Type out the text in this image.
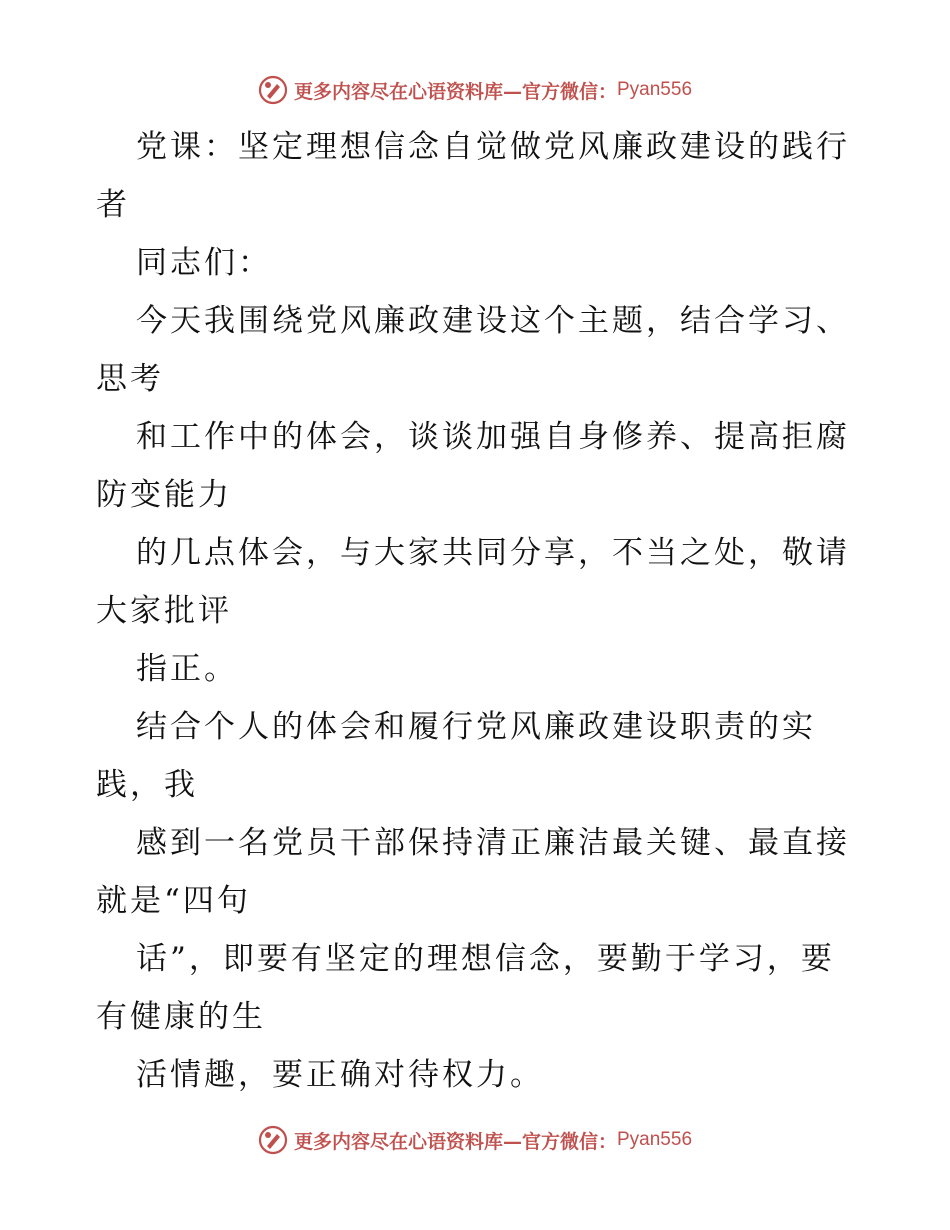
更多内容尽在心语资料库—官方微信： Pyan556
党课：坚定理想信念自觉做党风廉政建设的践行
者
同志们：
今天我围绕党风廉政建设这个主题，结合学习、
思考
和工作中的体会，谈谈加强自身修养、提高拒腐
防变能力
的几点体会，与大家共同分享，不当之处，敬请
大家批评
指正。
结合个人的体会和履行党风廉政建设职责的实
践，我
感到一名党员干部保持清正廉洁最关键、最直接
就是“四句
话”，即要有坚定的理想信念，要勤于学习，要
有健康的生
活情趣，要正确对待权力。
更多内容尽在心语资料库—官方微信： Pyan556
